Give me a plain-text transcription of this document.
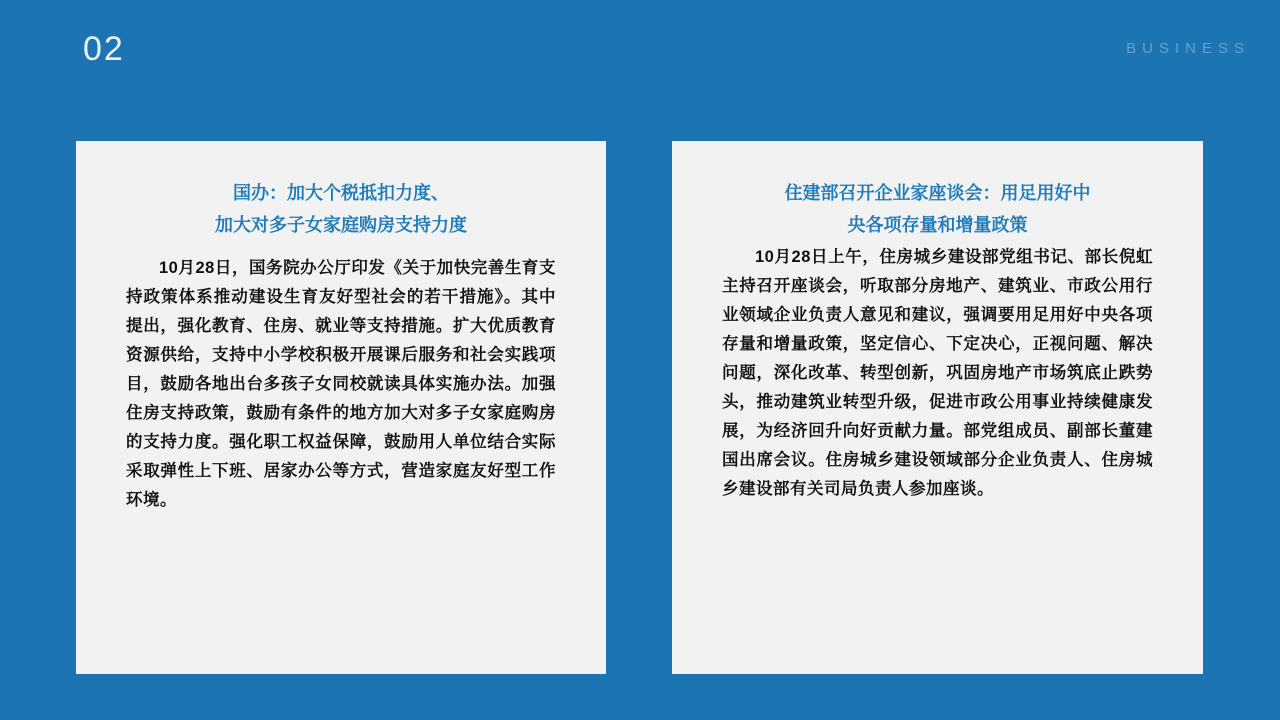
02	BUSINESS
国办：加大个税抵扣力度、
加大对多子女家庭购房支持力度

10月28日，国务院办公厅印发《关于加快完善生育支持政策体系推动建设生育友好型社会的若干措施》。其中提出，强化教育、住房、就业等支持措施。扩大优质教育资源供给，支持中小学校积极开展课后服务和社会实践项目，鼓励各地出台多孩子女同校就读具体实施办法。加强住房支持政策，鼓励有条件的地方加大对多子女家庭购房的支持力度。强化职工权益保障，鼓励用人单位结合实际采取弹性上下班、居家办公等方式，营造家庭友好型工作环境。

住建部召开企业家座谈会：用足用好中
央各项存量和增量政策

10月28日上午，住房城乡建设部党组书记、部长倪虹主持召开座谈会，听取部分房地产、建筑业、市政公用行业领域企业负责人意见和建议，强调要用足用好中央各项存量和增量政策，坚定信心、下定决心，正视问题、解决问题，深化改革、转型创新，巩固房地产市场筑底止跌势头，推动建筑业转型升级，促进市政公用事业持续健康发展，为经济回升向好贡献力量。部党组成员、副部长董建国出席会议。住房城乡建设领域部分企业负责人、住房城乡建设部有关司局负责人参加座谈。
